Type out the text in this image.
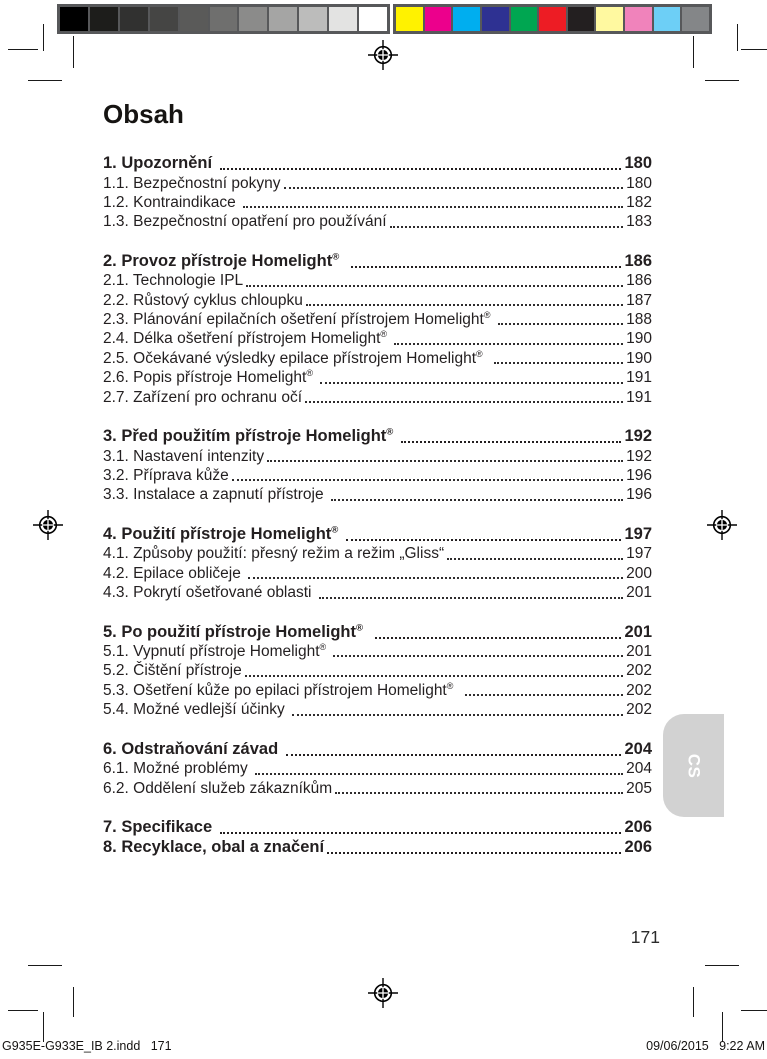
Obsah
1. Upozornění	180
1.1. Bezpečnostní pokyny	180
1.2. Kontraindikace	182
1.3. Bezpečnostní opatření pro používání	183
2. Provoz přístroje Homelight®	186
2.1. Technologie IPL	186
2.2. Růstový cyklus chloupku	187
2.3. Plánování epilačních ošetření přístrojem Homelight®	188
2.4. Délka ošetření přístrojem Homelight®	190
2.5. Očekávané výsledky epilace přístrojem Homelight®	190
2.6. Popis přístroje Homelight®	191
2.7. Zařízení pro ochranu očí	191
3. Před použitím přístroje Homelight®	192
3.1. Nastavení intenzity	192
3.2. Příprava kůže	196
3.3. Instalace a zapnutí přístroje	196
4. Použití přístroje Homelight®	197
4.1. Způsoby použití: přesný režim a režim „Gliss“	197
4.2. Epilace obličeje	200
4.3. Pokrytí ošetřované oblasti	201
5. Po použití přístroje Homelight®	201
5.1. Vypnutí přístroje Homelight®	201
5.2. Čištění přístroje	202
5.3. Ošetření kůže po epilaci přístrojem Homelight®	202
5.4. Možné vedlejší účinky	202
6. Odstraňování závad	204
6.1. Možné problémy	204
6.2. Oddělení služeb zákazníkům	205
7. Specifikace	206
8. Recyklace, obal a značení	206
CS
171
G935E-G933E_IB 2.indd   171	09/06/2015   9:22 AM
